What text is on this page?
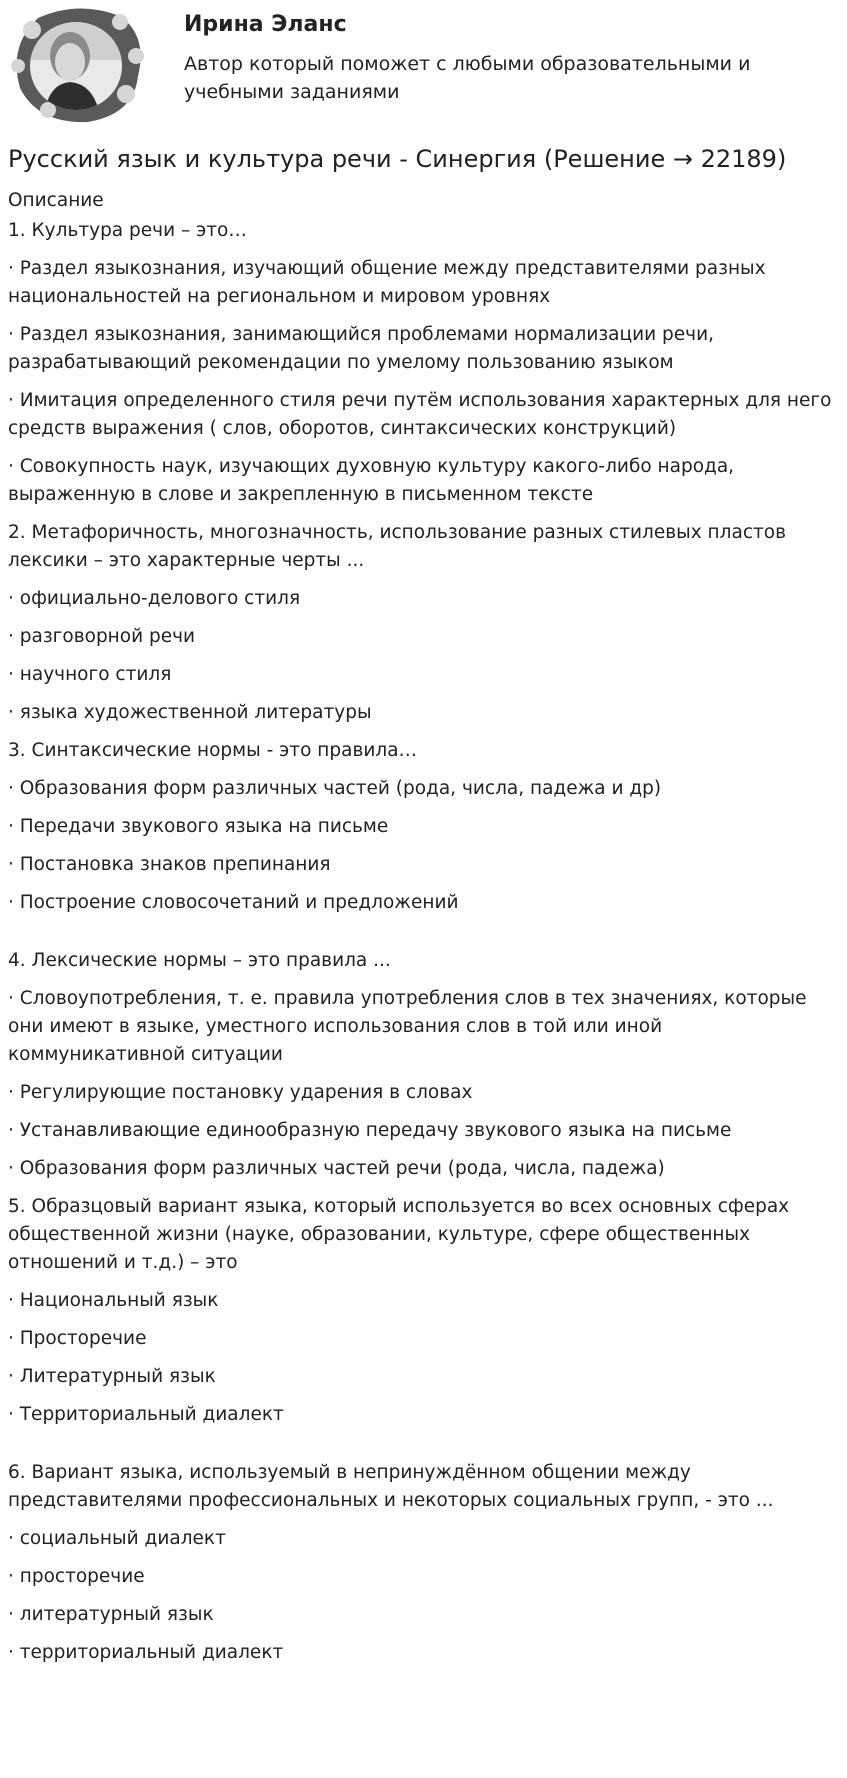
Ирина Эланс
Автор который поможет с любыми образовательными и учебными заданиями
Русский язык и культура речи - Синергия (Решение → 22189)

Описание

1. Культура речи – это…

· Раздел языкознания, изучающий общение между представителями разных национальностей на региональном и мировом уровнях

· Раздел языкознания, занимающийся проблемами нормализации речи, разрабатывающий рекомендации по умелому пользованию языком

· Имитация определенного стиля речи путём использования характерных для него средств выражения ( слов, оборотов, синтаксических конструкций)

· Совокупность наук, изучающих духовную культуру какого-либо народа, выраженную в слове и закрепленную в письменном тексте

2. Метафоричность, многозначность, использование разных стилевых пластов лексики – это характерные черты ...

· официально-делового стиля

· разговорной речи

· научного стиля

· языка художественной литературы

3. Синтаксические нормы - это правила…

· Образования форм различных частей (рода, числа, падежа и др)

· Передачи звукового языка на письме

· Постановка знаков препинания

· Построение словосочетаний и предложений

4. Лексические нормы – это правила ...

· Словоупотребления, т. е. правила употребления слов в тех значениях, которые они имеют в языке, уместного использования слов в той или иной коммуникативной ситуации

· Регулирующие постановку ударения в словах

· Устанавливающие единообразную передачу звукового языка на письме

· Образования форм различных частей речи (рода, числа, падежа)

5. Образцовый вариант языка, который используется во всех основных сферах общественной жизни (науке, образовании, культуре, сфере общественных отношений и т.д.) – это

· Национальный язык

· Просторечие

· Литературный язык

· Территориальный диалект

6. Вариант языка, используемый в непринуждённом общении между представителями профессиональных и некоторых социальных групп, - это ...

· социальный диалект

· просторечие

· литературный язык

· территориальный диалект
